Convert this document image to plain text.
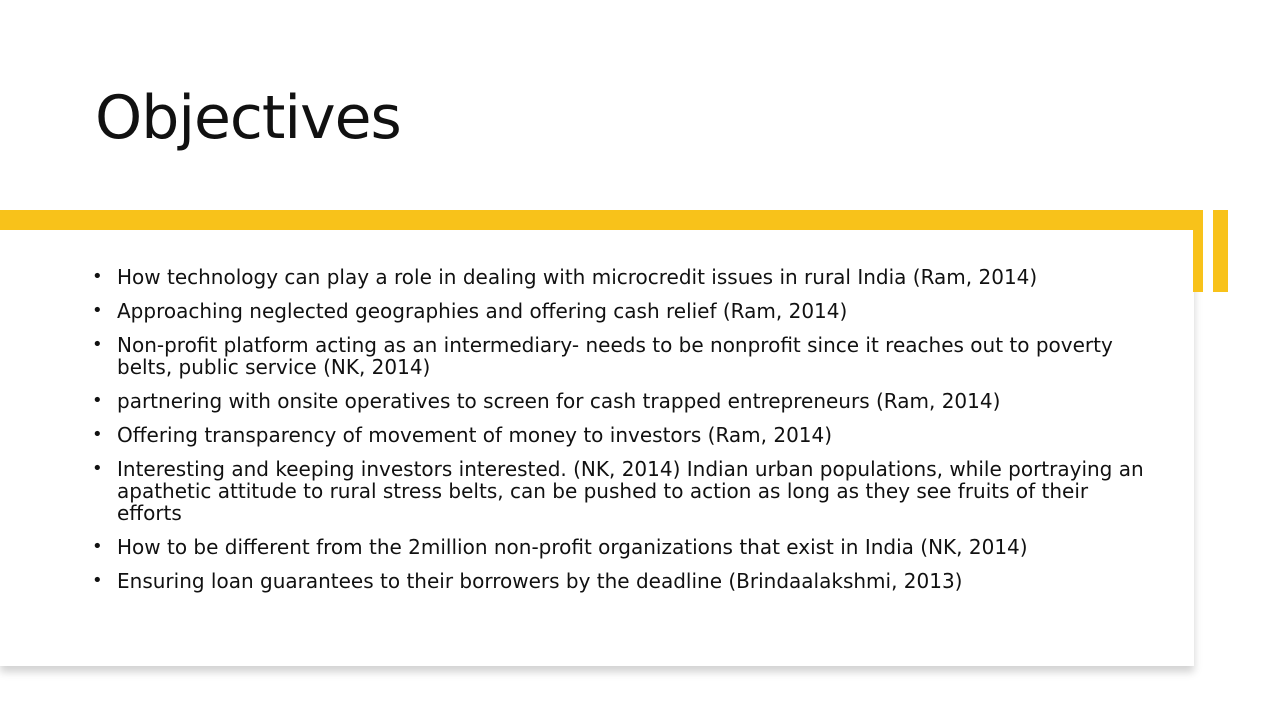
Objectives
• How technology can play a role in dealing with microcredit issues in rural India (Ram, 2014)
• Approaching neglected geographies and offering cash relief (Ram, 2014)
• Non-profit platform acting as an intermediary- needs to be nonprofit since it reaches out to poverty belts, public service (NK, 2014)
• partnering with onsite operatives to screen for cash trapped entrepreneurs (Ram, 2014)
• Offering transparency of movement of money to investors (Ram, 2014)
• Interesting and keeping investors interested. (NK, 2014) Indian urban populations, while portraying an apathetic attitude to rural stress belts, can be pushed to action as long as they see fruits of their efforts
• How to be different from the 2million non-profit organizations that exist in India (NK, 2014)
• Ensuring loan guarantees to their borrowers by the deadline (Brindaalakshmi, 2013)
